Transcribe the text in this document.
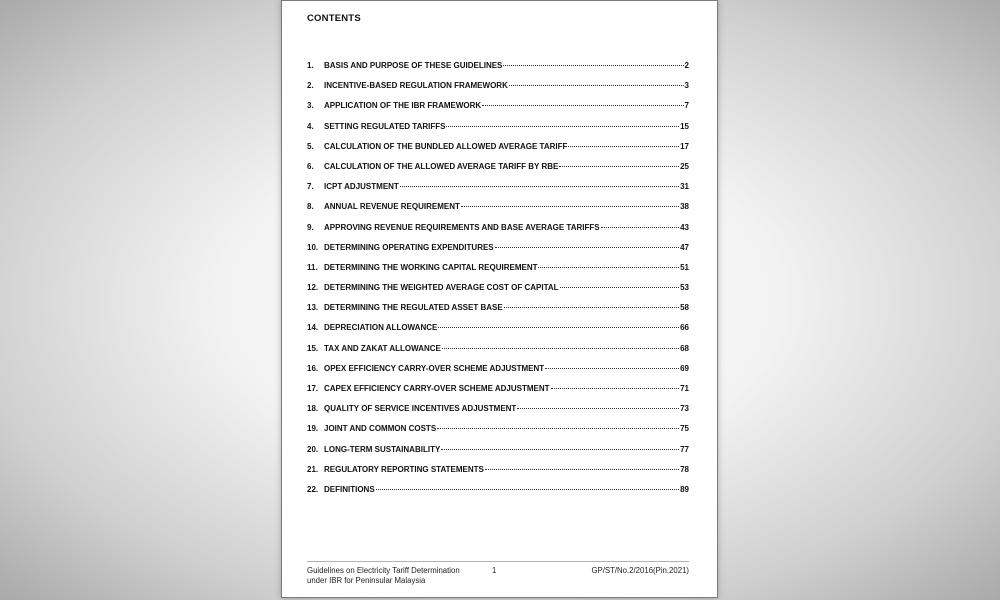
CONTENTS
1.	BASIS AND PURPOSE OF THESE GUIDELINES	2
2.	INCENTIVE-BASED REGULATION FRAMEWORK	3
3.	APPLICATION OF THE IBR FRAMEWORK	7
4.	SETTING REGULATED TARIFFS	15
5.	CALCULATION OF THE BUNDLED ALLOWED AVERAGE TARIFF	17
6.	CALCULATION OF THE ALLOWED AVERAGE TARIFF BY RBE	25
7.	ICPT ADJUSTMENT	31
8.	ANNUAL REVENUE REQUIREMENT	38
9.	APPROVING REVENUE REQUIREMENTS AND BASE AVERAGE TARIFFS	43
10. DETERMINING OPERATING EXPENDITURES	47
11. DETERMINING THE WORKING CAPITAL REQUIREMENT	51
12. DETERMINING THE WEIGHTED AVERAGE COST OF CAPITAL	53
13. DETERMINING THE REGULATED ASSET BASE	58
14. DEPRECIATION ALLOWANCE	66
15. TAX AND ZAKAT ALLOWANCE	68
16. OPEX EFFICIENCY CARRY-OVER SCHEME ADJUSTMENT	69
17. CAPEX EFFICIENCY CARRY-OVER SCHEME ADJUSTMENT	71
18. QUALITY OF SERVICE INCENTIVES ADJUSTMENT	73
19. JOINT AND COMMON COSTS	75
20. LONG-TERM SUSTAINABILITY	77
21. REGULATORY REPORTING STATEMENTS	78
22. DEFINITIONS	89
Guidelines on Electricity Tariff Determination
under IBR for Peninsular Malaysia
1	GP/ST/No.2/2016(Pin.2021)
